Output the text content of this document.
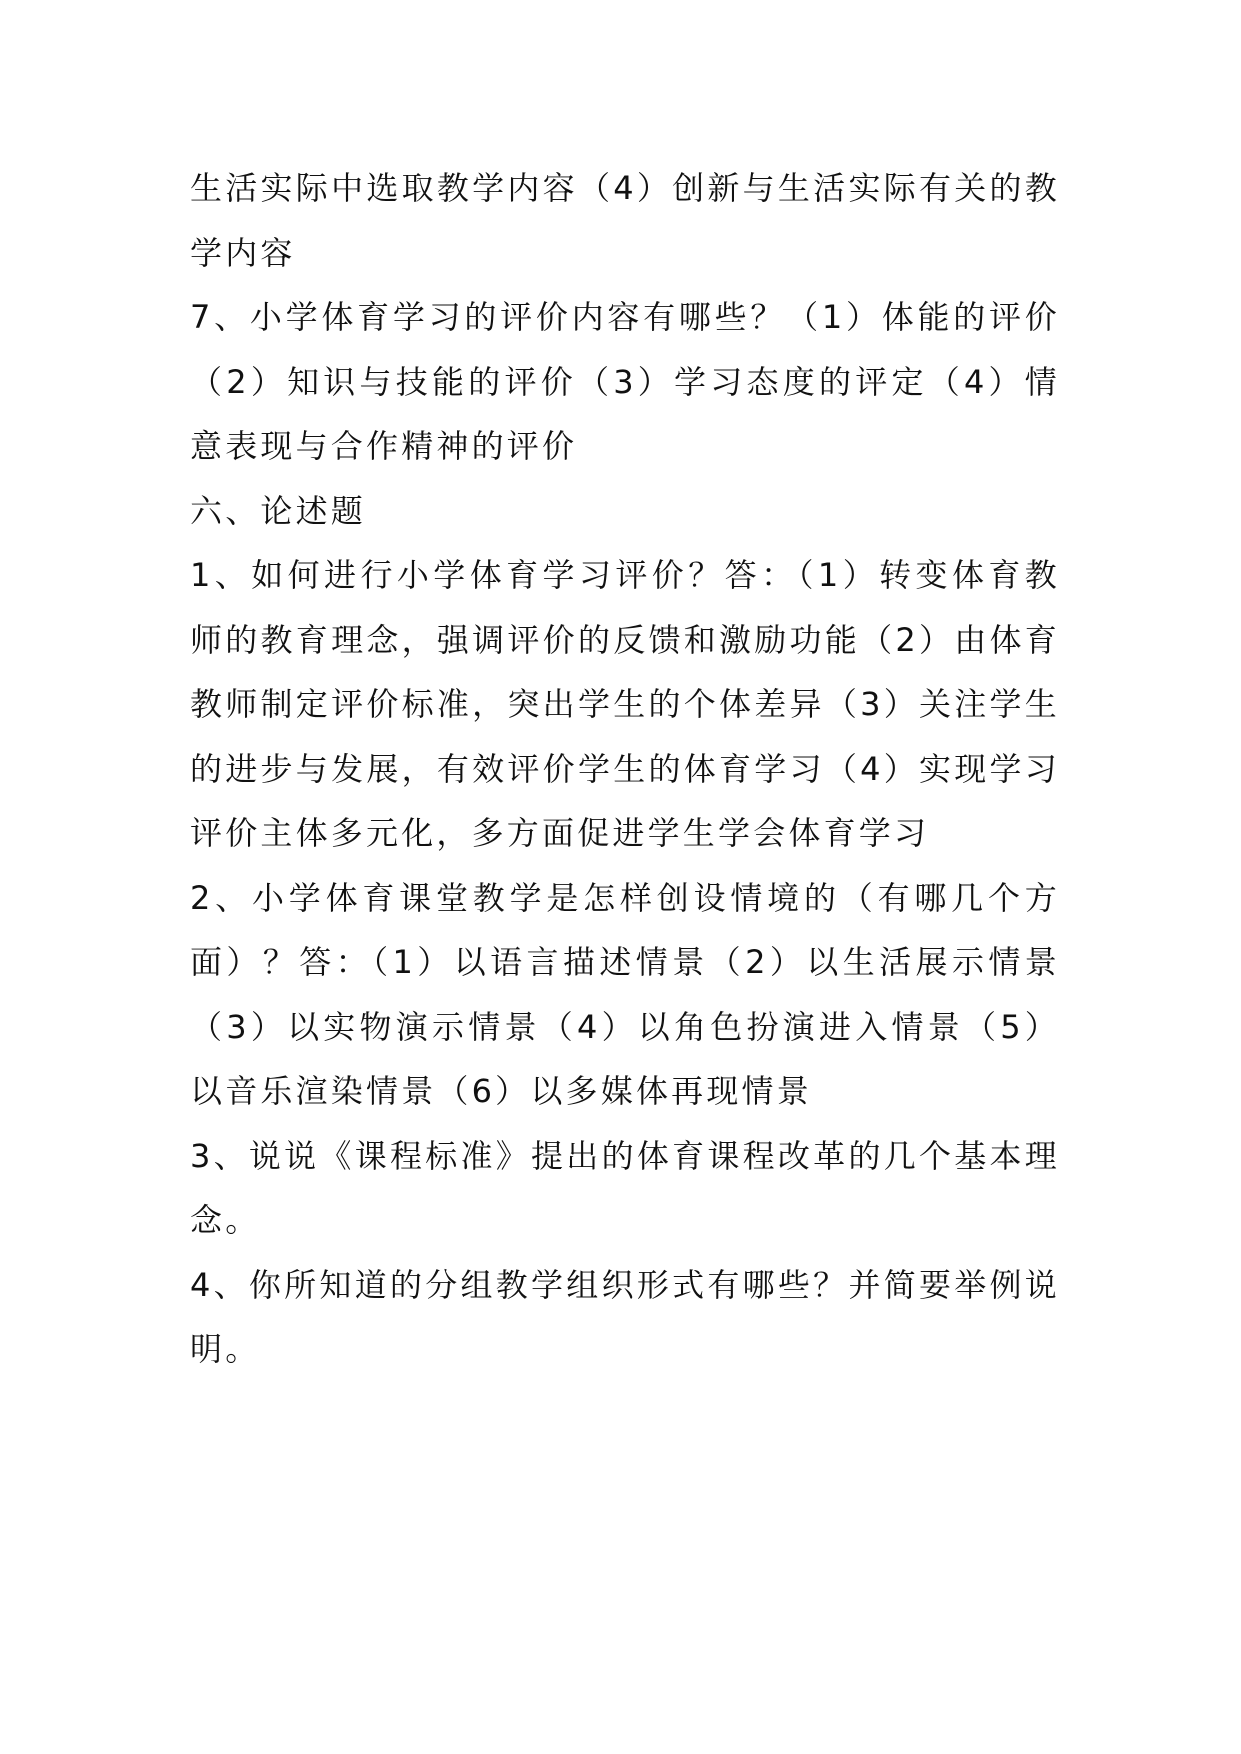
生活实际中选取教学内容（4）创新与生活实际有关的教学内容

7、小学体育学习的评价内容有哪些？（1）体能的评价（2）知识与技能的评价（3）学习态度的评定（4）情意表现与合作精神的评价

六、论述题

1、如何进行小学体育学习评价？答：（1）转变体育教师的教育理念，强调评价的反馈和激励功能（2）由体育教师制定评价标准，突出学生的个体差异（3）关注学生的进步与发展，有效评价学生的体育学习（4）实现学习评价主体多元化，多方面促进学生学会体育学习

2、小学体育课堂教学是怎样创设情境的（有哪几个方面）？答：（1）以语言描述情景（2）以生活展示情景（3）以实物演示情景（4）以角色扮演进入情景（5）以音乐渲染情景（6）以多媒体再现情景

3、说说《课程标准》提出的体育课程改革的几个基本理念。

4、你所知道的分组教学组织形式有哪些？并简要举例说明。
